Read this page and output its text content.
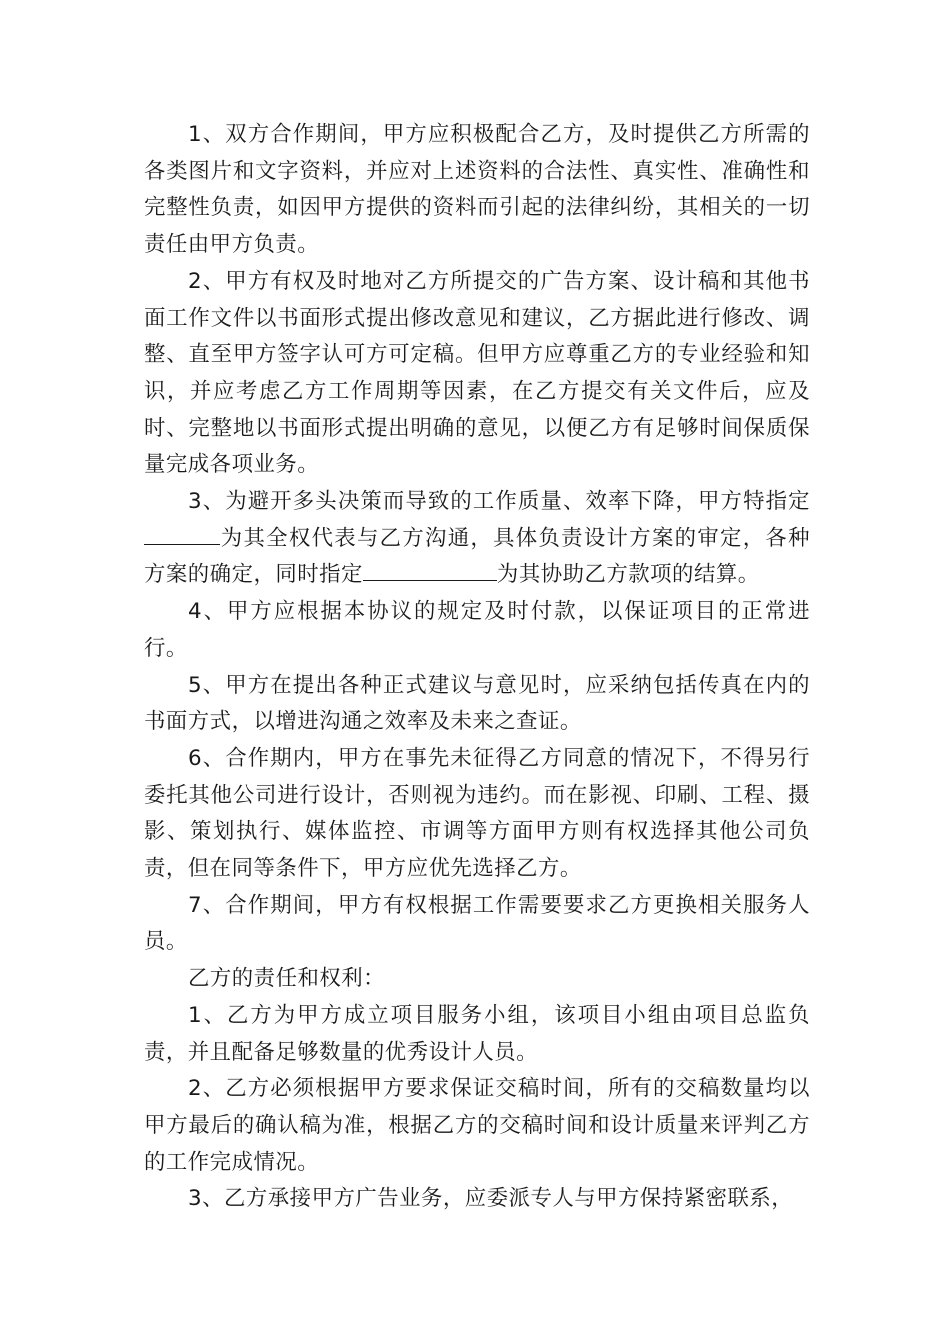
1、双方合作期间，甲方应积极配合乙方，及时提供乙方所需的各类图片和文字资料，并应对上述资料的合法性、真实性、准确性和完整性负责，如因甲方提供的资料而引起的法律纠纷，其相关的一切责任由甲方负责。

2、甲方有权及时地对乙方所提交的广告方案、设计稿和其他书面工作文件以书面形式提出修改意见和建议，乙方据此进行修改、调整、直至甲方签字认可方可定稿。但甲方应尊重乙方的专业经验和知识，并应考虑乙方工作周期等因素，在乙方提交有关文件后，应及时、完整地以书面形式提出明确的意见，以便乙方有足够时间保质保量完成各项业务。

3、为避开多头决策而导致的工作质量、效率下降，甲方特指定为其全权代表与乙方沟通，具体负责设计方案的审定，各种方案的确定，同时指定	为其协助乙方款项的结算。

4、甲方应根据本协议的规定及时付款，以保证项目的正常进行。

5、甲方在提出各种正式建议与意见时，应采纳包括传真在内的书面方式，以增进沟通之效率及未来之查证。

6、合作期内，甲方在事先未征得乙方同意的情况下，不得另行委托其他公司进行设计，否则视为违约。而在影视、印刷、工程、摄影、策划执行、媒体监控、市调等方面甲方则有权选择其他公司负责，但在同等条件下，甲方应优先选择乙方。

7、合作期间，甲方有权根据工作需要要求乙方更换相关服务人员。

乙方的责任和权利：

1、乙方为甲方成立项目服务小组，该项目小组由项目总监负责，并且配备足够数量的优秀设计人员。

2、乙方必须根据甲方要求保证交稿时间，所有的交稿数量均以甲方最后的确认稿为准，根据乙方的交稿时间和设计质量来评判乙方的工作完成情况。

3、乙方承接甲方广告业务，应委派专人与甲方保持紧密联系，
